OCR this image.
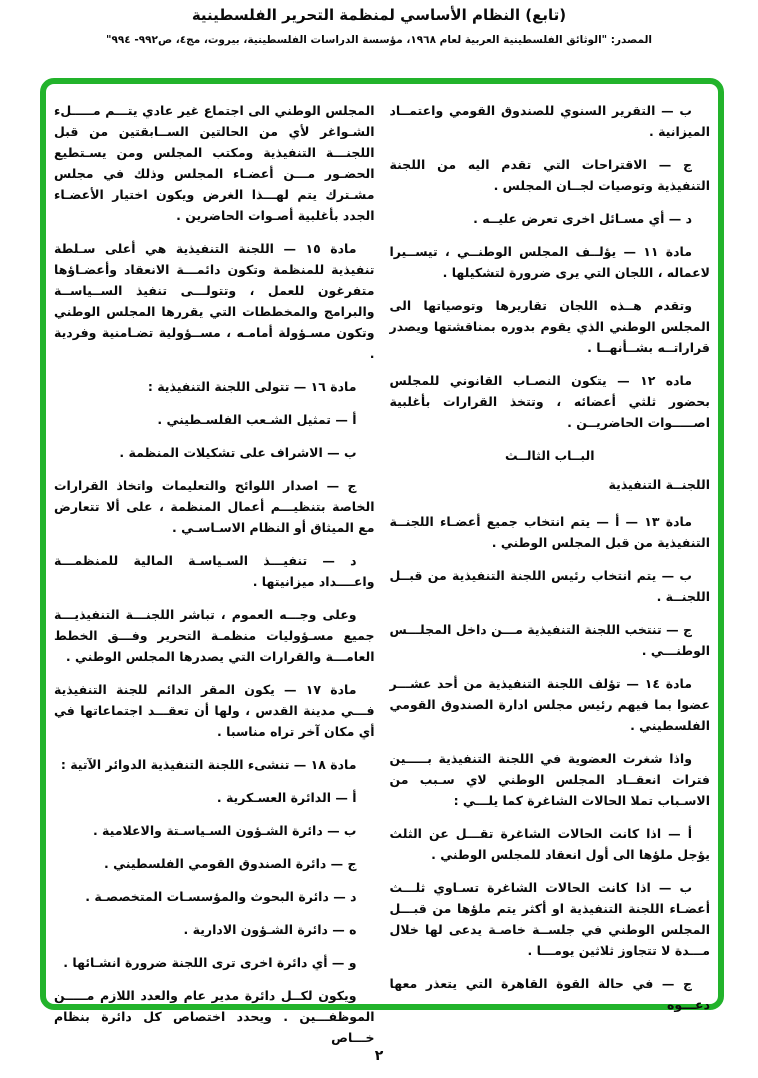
(تابع) النظام الأساسي لمنظمة التحرير الفلسطينية
المصدر: "الوثائق الفلسطينية العربية لعام ١٩٦٨، مؤسسة الدراسات الفلسطينية، بيروت، مج٤، ص٩٩٢- ٩٩٤"

ب — التقرير السنوي للصندوق القومي واعتمــاد الميزانية .

ج — الاقتراحات التي تقدم اليه من اللجنة التنفيذية وتوصيات لجــان المجلس .

د — أي مسـائل اخرى تعرض عليــه .

مادة ١١ — يؤلــف المجلس الوطنــي ، تيســيرا لاعماله ، اللجان التي يرى ضرورة لتشكيلها .

وتقدم هــذه اللجان تقاريرها وتوصياتها الى المجلس الوطني الذي يقوم بدوره بمناقشتها ويصدر قراراتــه بشــأنهــا .

ماده ١٢ — يتكون النصـاب القانوني للمجلس بحضور ثلثي أعضائه ، وتتخذ القرارات بأغلبية اصـــــوات الحاضريــن .

البــاب الثالــث

اللجنــة التنفيذية

مادة ١٣ — أ — يتم انتخاب جميع أعضـاء اللجنــة التنفيذية من قبل المجلس الوطني .

ب — يتم انتخاب رئيس اللجنة التنفيذية من قبــل اللجنــة .

ج — تنتخب اللجنة التنفيذية مـــن داخل المجلـــس الوطنـــي .

مادة ١٤ — تؤلف اللجنة التنفيذية من أحد عشـــر عضوا بما فيهم رئيس مجلس ادارة الصندوق القومي الفلسطيني .

واذا شغرت العضوية في اللجنة التنفيذية بـــــين فترات انعقــاد المجلس الوطني لاي سـبب من الاسـباب تملا الحالات الشاغرة كما يلـــي :

أ — اذا كانت الحالات الشاغرة تقـــل عن الثلث يؤجل ملؤها الى أول انعقاد للمجلس الوطني .

ب — اذا كانت الحالات الشاغرة تسـاوي ثلـــث أعضـاء اللجنة التنفيذية او أكثر يتم ملؤها من قبـــل المجلس الوطني في جلســة خاصـة يدعى لها خلال مـــدة لا تتجاوز ثلاثين يومـــا .

ج — في حالة القوة القاهرة التي يتعذر معها دعـــوه

المجلس الوطني الى اجتماع غير عادي يتـــم مـــــلء الشـواغر لأي من الحالتين الســابقتين من قبل اللجنـــة التنفيذية ومكتب المجلس ومن يسـتطيع الحضـور مـــن أعضـاء المجلس وذلك في مجلس مشـترك يتم لهـــذا الغرض ويكون اختيار الأعضـاء الجدد بأغلبية أصـوات الحاضرين .

مادة ١٥ — اللجنة التنفيذية هي أعلى سـلطة تنفيذية للمنظمة وتكون دائمـــة الانعقاد وأعضـاؤها متفرغون للعمل ، وتتولـــى تنفيذ الســياســة والبرامج والمخططات التي يقررها المجلس الوطني وتكون مسـؤولة أمامـه ، مســؤولية تضـامنية وفردية .

مادة ١٦ — تتولى اللجنة التنفيذية :

أ — تمثيل الشـعب الفلسـطيني .

ب — الاشراف على تشكيلات المنظمة .

ج — اصدار اللوائح والتعليمات واتخاذ القرارات الخاصة بتنظيـــم أعمال المنظمة ، على ألا تتعارض مع الميثاق أو النظام الاسـاسـي .

د — تنفيـــذ السـياسـة المالية للمنظمـــة واعــــداد ميزانيتها .

وعلى وجـــه العموم ، تباشر اللجنـــة التنفيذيـــة جميع مسـؤوليات منظمـة التحرير وفـــق الخطط العامـــة والقرارات التي يصدرها المجلس الوطني .

مادة ١٧ — يكون المقر الدائم للجنة التنفيذية فـــي مدينة القدس ، ولها أن تعقـــد اجتماعاتها في أي مكان آخر تراه مناسبا .

مادة ١٨ — تنشىء اللجنة التنفيذية الدوائر الآتية :

أ — الدائرة العسـكرية .

ب — دائرة الشـؤون السـياسـتة والاعلامية .

ج — دائرة الصندوق القومي الفلسطيني .

د — دائرة البحوث والمؤسسـات المتخصصـة .

ه — دائرة الشـؤون الادارية .

و — أي دائرة اخرى ترى اللجنة ضرورة انشـائها .

ويكون لكــل دائرة مدير عام والعدد اللازم مـــــن الموظفـــين . ويحدد اختصاص كل دائرة بنظام خـــاص

٢
